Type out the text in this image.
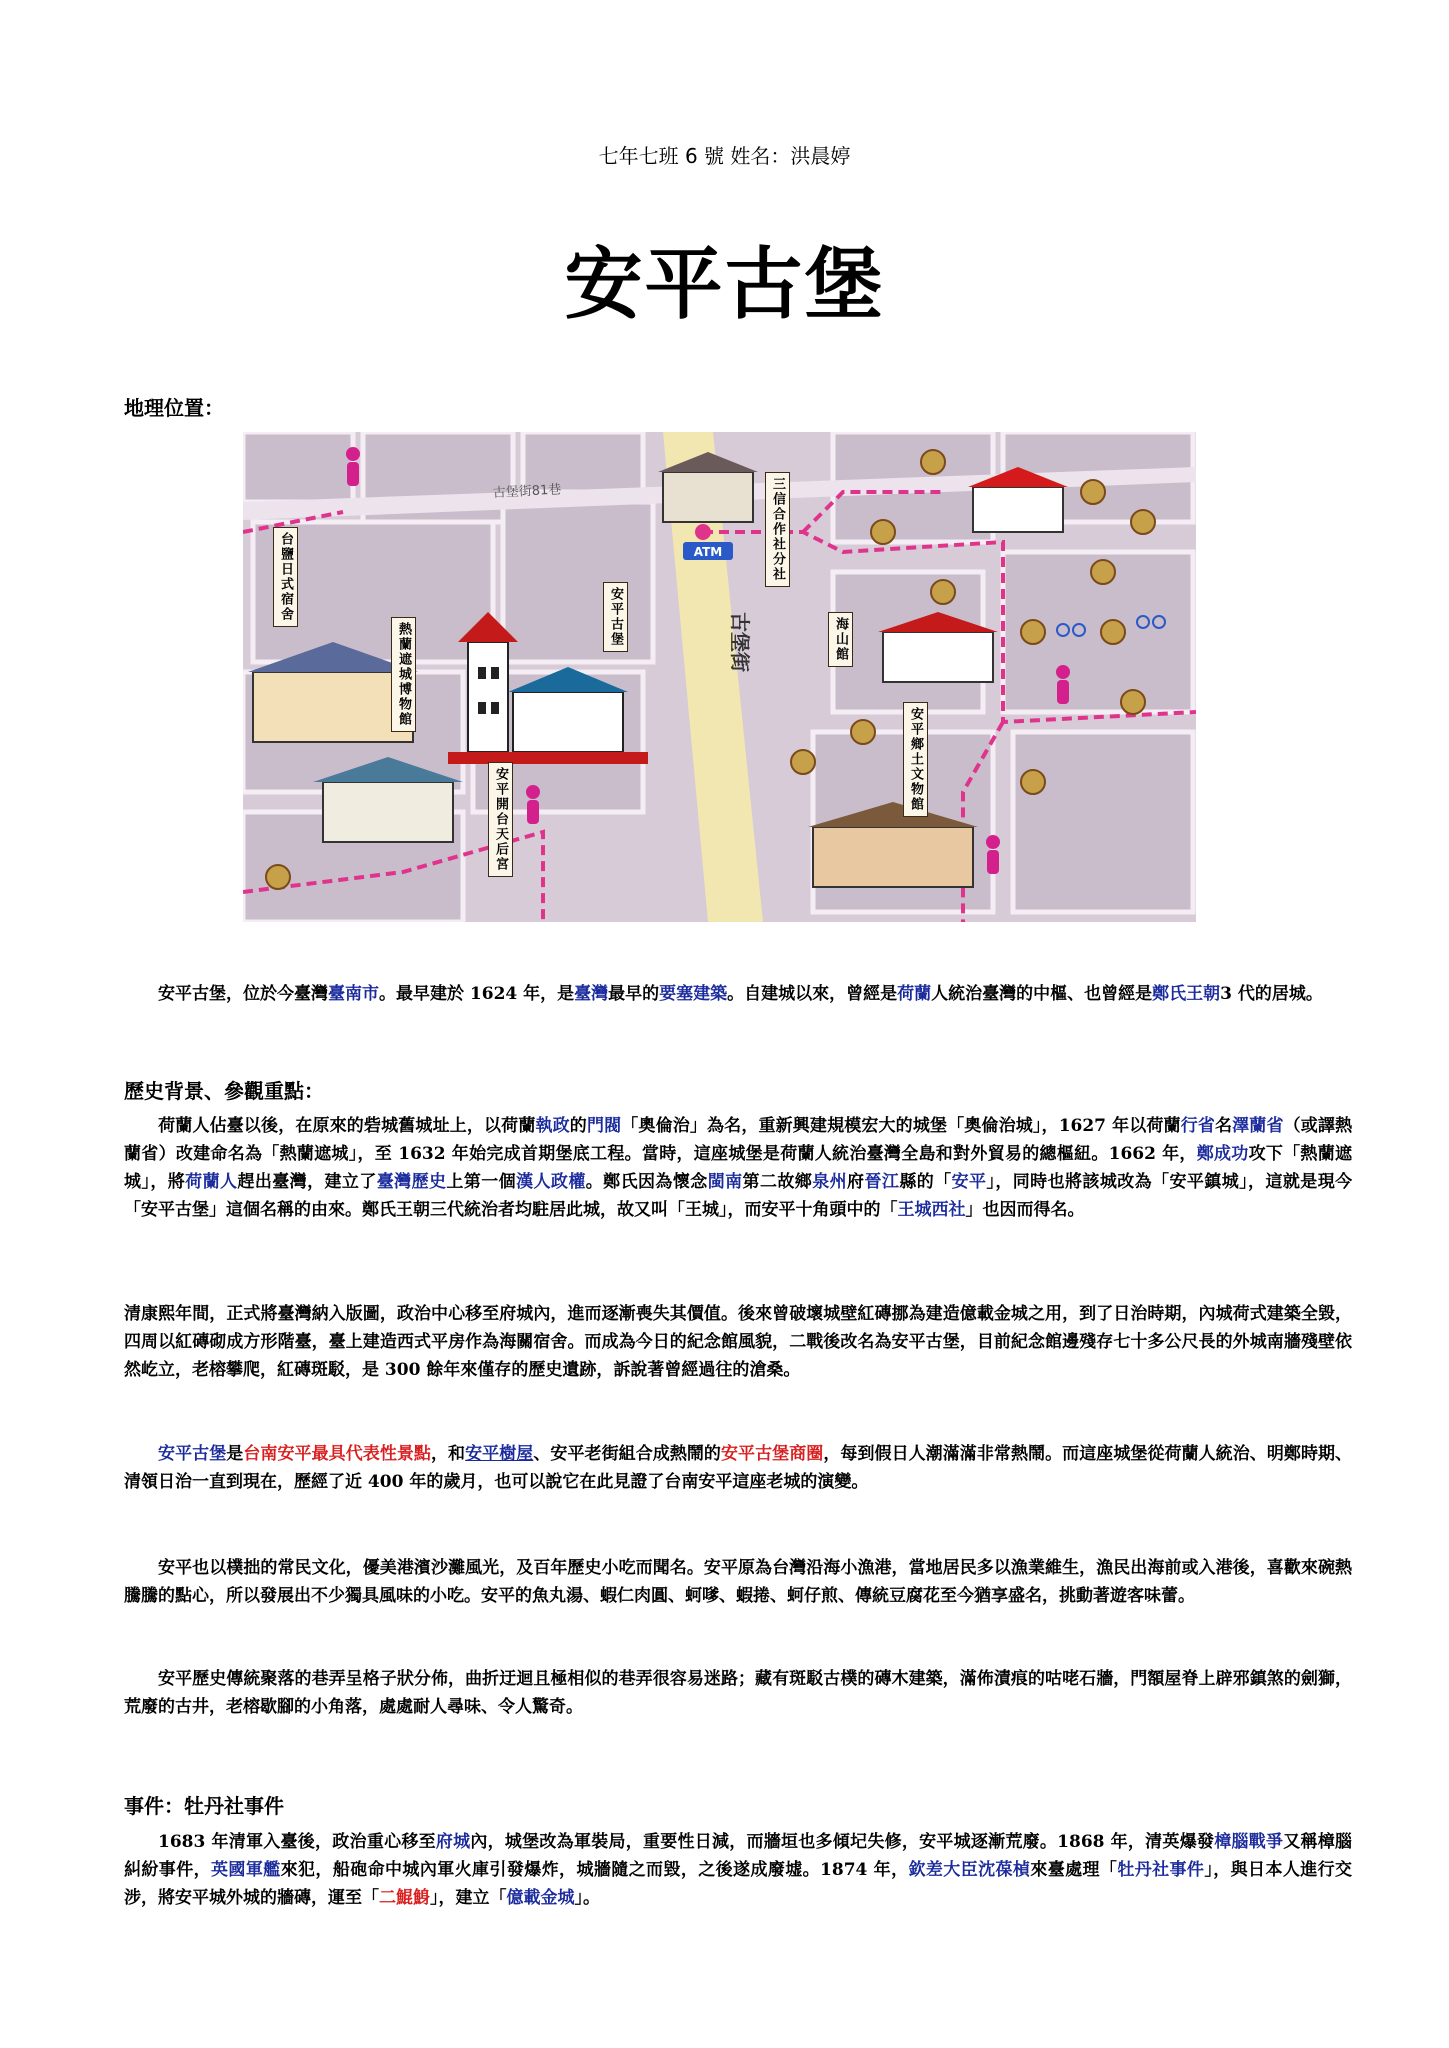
七年七班 6 號 姓名：洪晨婷
安平古堡
地理位置：
ATM
古堡街
古堡街81巷
安平古堡
熱蘭遮城博物館
安平開台天后宮
海山館
安平鄉土文物館
台鹽日式宿舍	三信合作社分社
安平古堡，位於今臺灣臺南市。最早建於 1624 年，是臺灣最早的要塞建築。自建城以來，曾經是荷蘭人統治臺灣的中樞、也曾經是鄭氏王朝3 代的居城。
歷史背景、參觀重點：
荷蘭人佔臺以後，在原來的砦城舊城址上，以荷蘭執政的門閥「奧倫治」為名，重新興建規模宏大的城堡「奧倫治城」，1627 年以荷蘭行省名澤蘭省（或譯熱蘭省）改建命名為「熱蘭遮城」，至 1632 年始完成首期堡底工程。當時，這座城堡是荷蘭人統治臺灣全島和對外貿易的總樞紐。1662 年，鄭成功攻下「熱蘭遮城」，將荷蘭人趕出臺灣，建立了臺灣歷史上第一個漢人政權。鄭氏因為懷念閩南第二故鄉泉州府晉江縣的「安平」，同時也將該城改為「安平鎮城」，這就是現今「安平古堡」這個名稱的由來。鄭氏王朝三代統治者均駐居此城，故又叫「王城」，而安平十角頭中的「王城西社」也因而得名。
清康熙年間，正式將臺灣納入版圖，政治中心移至府城內，進而逐漸喪失其價值。後來曾破壞城壁紅磚挪為建造億載金城之用，到了日治時期，內城荷式建築全毀，四周以紅磚砌成方形階臺，臺上建造西式平房作為海關宿舍。而成為今日的紀念館風貌，二戰後改名為安平古堡，目前紀念館邊殘存七十多公尺長的外城南牆殘壁依然屹立，老榕攀爬，紅磚斑駁，是 300 餘年來僅存的歷史遺跡，訴說著曾經過往的滄桑。
安平古堡是台南安平最具代表性景點，和安平樹屋、安平老街組合成熱鬧的安平古堡商圈，每到假日人潮滿滿非常熱鬧。而這座城堡從荷蘭人統治、明鄭時期、清領日治一直到現在，歷經了近 400 年的歲月，也可以說它在此見證了台南安平這座老城的演變。
安平也以樸拙的常民文化，優美港濱沙灘風光，及百年歷史小吃而聞名。安平原為台灣沿海小漁港，當地居民多以漁業維生，漁民出海前或入港後，喜歡來碗熱騰騰的點心，所以發展出不少獨具風味的小吃。安平的魚丸湯、蝦仁肉圓、蚵嗲、蝦捲、蚵仔煎、傳統豆腐花至今猶享盛名，挑動著遊客味蕾。
安平歷史傳統聚落的巷弄呈格子狀分佈，曲折迂迴且極相似的巷弄很容易迷路；藏有斑駁古樸的磚木建築，滿佈漬痕的咕咾石牆，門額屋脊上辟邪鎮煞的劍獅，荒廢的古井，老榕歇腳的小角落，處處耐人尋味、令人驚奇。
事件：牡丹社事件
1683 年清軍入臺後，政治重心移至府城內，城堡改為軍裝局，重要性日減，而牆垣也多傾圮失修，安平城逐漸荒廢。1868 年，清英爆發樟腦戰爭又稱樟腦糾紛事件，英國軍艦來犯，船砲命中城內軍火庫引發爆炸，城牆隨之而毀，之後遂成廢墟。1874 年，欽差大臣沈葆楨來臺處理「牡丹社事件」，與日本人進行交涉，將安平城外城的牆磚，運至「二鯤鯓」，建立「億載金城」。
